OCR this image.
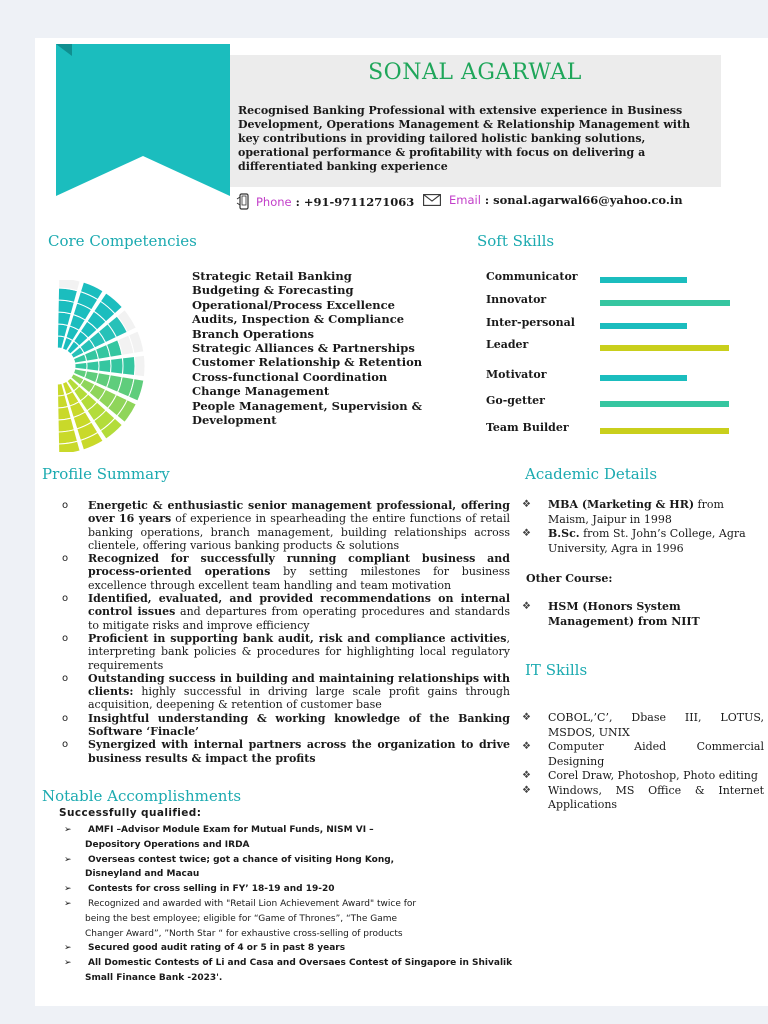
SONAL AGARWAL
Recognised Banking Professional with extensive experience in Business Development, Operations Management & Relationship Management with key contributions in providing tailored holistic banking solutions, operational performance & profitability with focus on delivering a differentiated banking experience
Phone : +91-9711271063	Email : sonal.agarwal66@yahoo.co.in
Core Competencies	Soft Skills
Strategic Retail Banking
Budgeting & Forecasting
Operational/Process Excellence
Audits, Inspection & Compliance
Branch Operations
Strategic Alliances & Partnerships
Customer Relationship & Retention
Cross-functional Coordination
Change Management
People Management, Supervision &
Development
Communicator
Innovator
Inter-personal
Leader
Motivator
Go-getter
Team Builder
Profile Summary
o Energetic & enthusiastic senior management professional, offering over 16 years of experience in spearheading the entire functions of retail banking operations, branch management, building relationships across clientele, offering various banking products & solutions
o Recognized for successfully running compliant business and process-oriented operations by setting milestones for business excellence through excellent team handling and team motivation
o Identified, evaluated, and provided recommendations on internal control issues and departures from operating procedures and standards to mitigate risks and improve efficiency
o Proficient in supporting bank audit, risk and compliance activities, interpreting bank policies & procedures for highlighting local regulatory requirements
o Outstanding success in building and maintaining relationships with clients: highly successful in driving large scale profit gains through acquisition, deepening & retention of customer base
o Insightful understanding & working knowledge of the Banking Software ‘Finacle’
o Synergized with internal partners across the organization to drive business results & impact the profits
Academic Details
❖ MBA (Marketing & HR) from Maism, Jaipur in 1998
❖ B.Sc. from St. John’s College, Agra University, Agra in 1996
Other Course:
❖ HSM (Honors System Management) from NIIT
IT Skills
❖ COBOL,’C’, Dbase III, LOTUS, MSDOS, UNIX
❖ Computer Aided Commercial Designing
❖ Corel Draw, Photoshop, Photo editing
❖ Windows, MS Office & Internet Applications
Notable Accomplishments
Successfully qualified:
➢ AMFI –Advisor Module Exam for Mutual Funds, NISM VI –
Depository Operations and IRDA
➢ Overseas contest twice; got a chance of visiting Hong Kong,
Disneyland and Macau
➢ Contests for cross selling in FY’ 18-19 and 19-20
➢ Recognized and awarded with "Retail Lion Achievement Award" twice for
being the best employee; eligible for “Game of Thrones”, “The Game
Changer Award”, ”North Star “ for exhaustive cross-selling of products
➢ Secured good audit rating of 4 or 5 in past 8 years
➢ All Domestic Contests of Li and Casa and Oversaes Contest of Singapore in Shivalik
Small Finance Bank -2023'.
